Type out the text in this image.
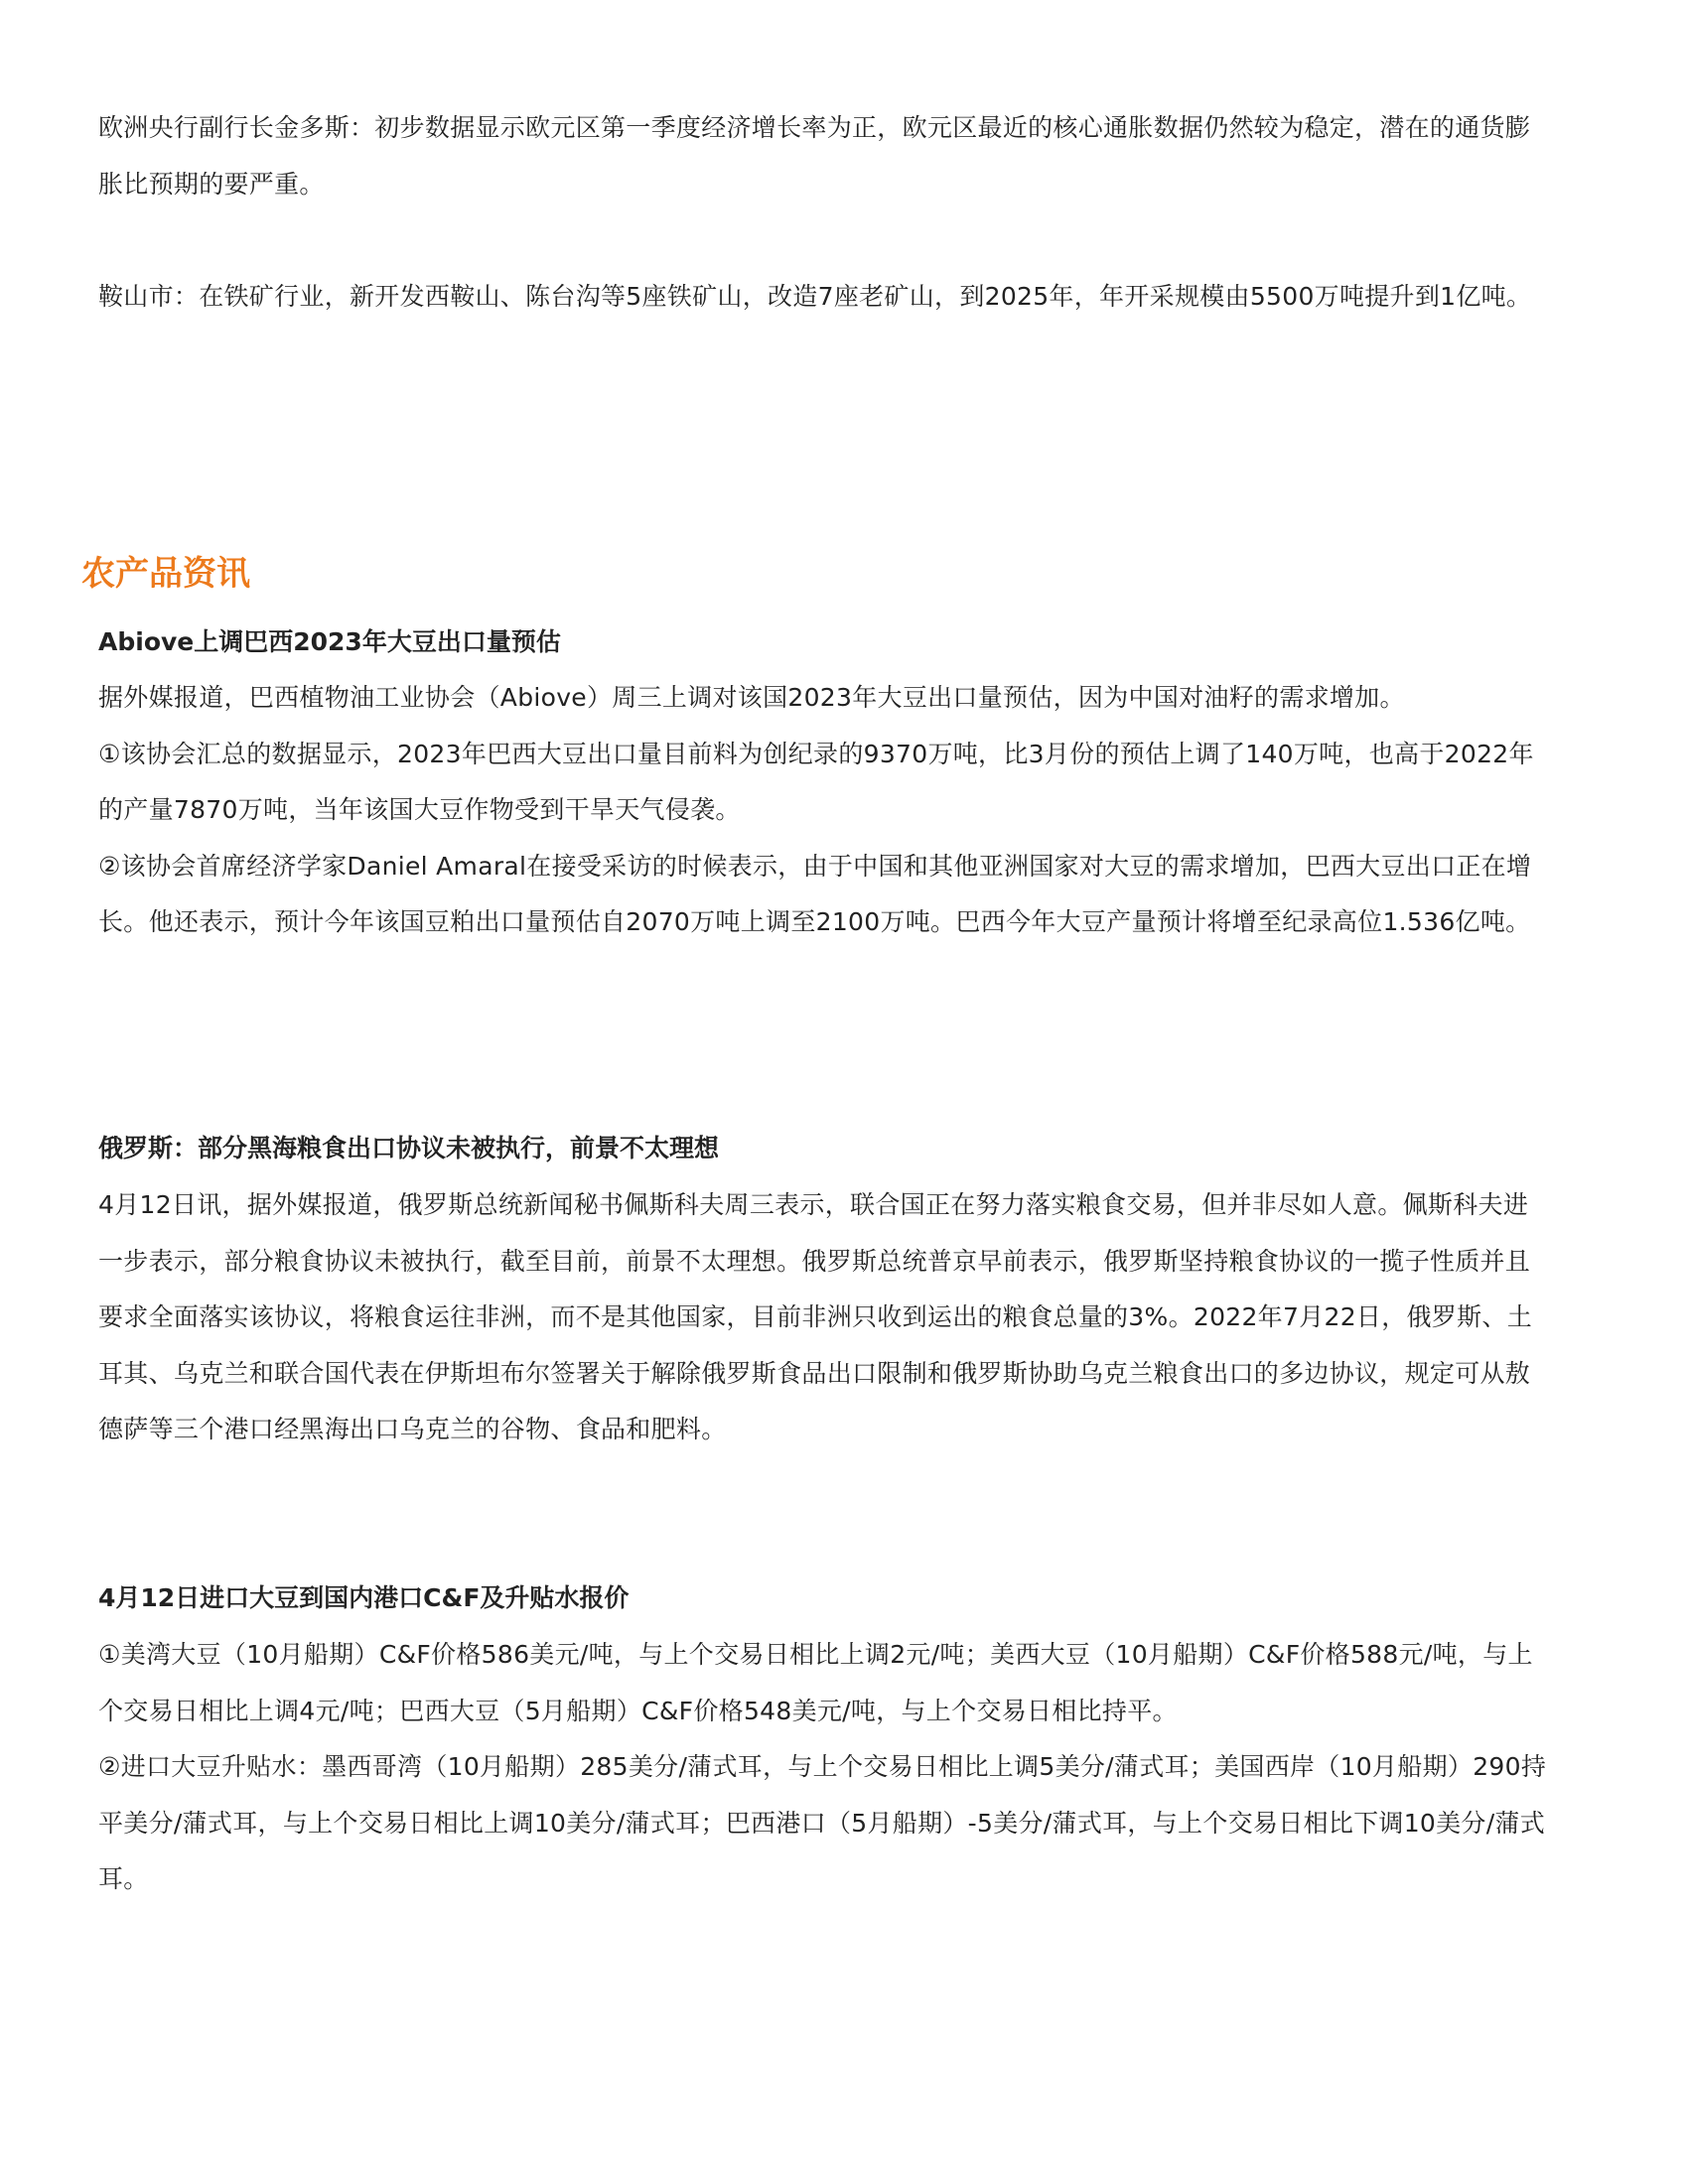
欧洲央行副行长金多斯：初步数据显示欧元区第一季度经济增长率为正，欧元区最近的核心通胀数据仍然较为稳定，潜在的通货膨胀比预期的要严重。

鞍山市：在铁矿行业，新开发西鞍山、陈台沟等5座铁矿山，改造7座老矿山，到2025年，年开采规模由5500万吨提升到1亿吨。

农产品资讯
Abiove上调巴西2023年大豆出口量预估

据外媒报道，巴西植物油工业协会（Abiove）周三上调对该国2023年大豆出口量预估，因为中国对油籽的需求增加。

①该协会汇总的数据显示，2023年巴西大豆出口量目前料为创纪录的9370万吨，比3月份的预估上调了140万吨，也高于2022年的产量7870万吨，当年该国大豆作物受到干旱天气侵袭。

②该协会首席经济学家Daniel Amaral在接受采访的时候表示，由于中国和其他亚洲国家对大豆的需求增加，巴西大豆出口正在增长。他还表示，预计今年该国豆粕出口量预估自2070万吨上调至2100万吨。巴西今年大豆产量预计将增至纪录高位1.536亿吨。

俄罗斯：部分黑海粮食出口协议未被执行，前景不太理想

4月12日讯，据外媒报道，俄罗斯总统新闻秘书佩斯科夫周三表示，联合国正在努力落实粮食交易，但并非尽如人意。佩斯科夫进一步表示，部分粮食协议未被执行，截至目前，前景不太理想。俄罗斯总统普京早前表示，俄罗斯坚持粮食协议的一揽子性质并且要求全面落实该协议，将粮食运往非洲，而不是其他国家，目前非洲只收到运出的粮食总量的3%。2022年7月22日，俄罗斯、土耳其、乌克兰和联合国代表在伊斯坦布尔签署关于解除俄罗斯食品出口限制和俄罗斯协助乌克兰粮食出口的多边协议，规定可从敖德萨等三个港口经黑海出口乌克兰的谷物、食品和肥料。

4月12日进口大豆到国内港口C&F及升贴水报价

①美湾大豆（10月船期）C&F价格586美元/吨，与上个交易日相比上调2元/吨；美西大豆（10月船期）C&F价格588元/吨，与上个交易日相比上调4元/吨；巴西大豆（5月船期）C&F价格548美元/吨，与上个交易日相比持平。

②进口大豆升贴水：墨西哥湾（10月船期）285美分/蒲式耳，与上个交易日相比上调5美分/蒲式耳；美国西岸（10月船期）290持平美分/蒲式耳，与上个交易日相比上调10美分/蒲式耳；巴西港口（5月船期）-5美分/蒲式耳，与上个交易日相比下调10美分/蒲式耳。
